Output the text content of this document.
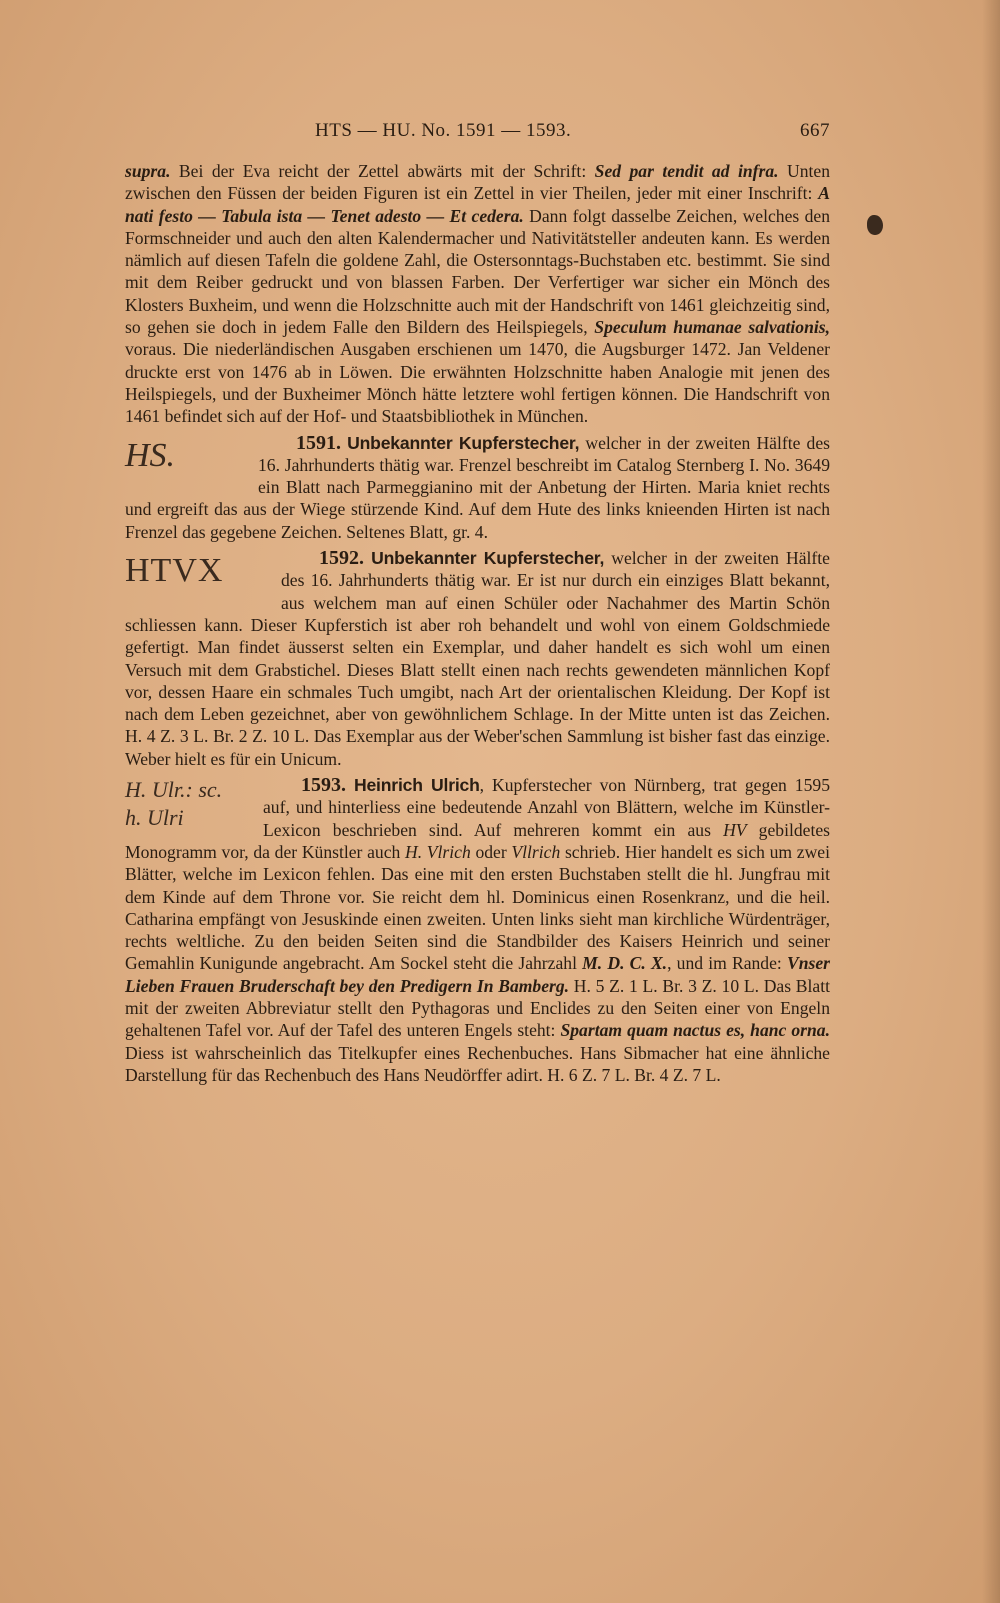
HTS — HU. No. 1591 — 1593.	667

supra. Bei der Eva reicht der Zettel abwärts mit der Schrift: Sed par tendit ad infra. Unten zwischen den Füssen der beiden Figuren ist ein Zettel in vier Theilen, jeder mit einer Inschrift: A nati festo — Tabula ista — Tenet adesto — Et cedera. Dann folgt dasselbe Zeichen, welches den Formschneider und auch den alten Kalendermacher und Nativitätsteller andeuten kann. Es werden nämlich auf diesen Tafeln die goldene Zahl, die Ostersonntags-Buchstaben etc. bestimmt. Sie sind mit dem Reiber gedruckt und von blassen Farben. Der Verfertiger war sicher ein Mönch des Klosters Buxheim, und wenn die Holzschnitte auch mit der Handschrift von 1461 gleichzeitig sind, so gehen sie doch in jedem Falle den Bildern des Heilspiegels, Speculum humanae salvationis, voraus. Die niederländischen Ausgaben erschienen um 1470, die Augsburger 1472. Jan Veldener druckte erst von 1476 ab in Löwen. Die erwähnten Holzschnitte haben Analogie mit jenen des Heilspiegels, und der Buxheimer Mönch hätte letztere wohl fertigen können. Die Handschrift von 1461 befindet sich auf der Hof- und Staatsbibliothek in München.

1591. Unbekannter Kupferstecher,
HS.	welcher in der zweiten Hälfte des 16. Jahrhunderts thätig war. Frenzel beschreibt im Catalog Sternberg I. No. 3649 ein Blatt nach Parmeggianino mit der Anbetung der Hirten. Maria kniet rechts und ergreift das aus der Wiege stürzende Kind. Auf dem Hute des links knieenden Hirten ist nach Frenzel das gegebene Zeichen. Seltenes Blatt, gr. 4.

1592. Unbekannter Kupferstecher,
HTVX	welcher in der zweiten Hälfte des 16. Jahrhunderts thätig war. Er ist nur durch ein einziges Blatt bekannt, aus welchem man auf einen Schüler oder Nachahmer des Martin Schön schliessen kann. Dieser Kupferstich ist aber roh behandelt und wohl von einem Goldschmiede gefertigt. Man findet äusserst selten ein Exemplar, und daher handelt es sich wohl um einen Versuch mit dem Grabstichel. Dieses Blatt stellt einen nach rechts gewendeten männlichen Kopf vor, dessen Haare ein schmales Tuch umgibt, nach Art der orientalischen Kleidung. Der Kopf ist nach dem Leben gezeichnet, aber von gewöhnlichem Schlage. In der Mitte unten ist das Zeichen. H. 4 Z. 3 L. Br. 2 Z. 10 L. Das Exemplar aus der Weber'schen Sammlung ist bisher fast das einzige. Weber hielt es für ein Unicum.

1593. Heinrich Ulrich
H. Ulr.: sc.
h. Ulri
, Kupferstecher von Nürnberg, trat gegen 1595 auf, und hinterliess eine bedeutende Anzahl von Blättern, welche im Künstler-Lexicon beschrieben sind. Auf mehreren kommt ein aus HV gebildetes Monogramm vor, da der Künstler auch H. Vlrich oder Vllrich schrieb. Hier handelt es sich um zwei Blätter, welche im Lexicon fehlen. Das eine mit den ersten Buchstaben stellt die hl. Jungfrau mit dem Kinde auf dem Throne vor. Sie reicht dem hl. Dominicus einen Rosenkranz, und die heil. Catharina empfängt von Jesuskinde einen zweiten. Unten links sieht man kirchliche Würdenträger, rechts weltliche. Zu den beiden Seiten sind die Standbilder des Kaisers Heinrich und seiner Gemahlin Kunigunde angebracht. Am Sockel steht die Jahrzahl M. D. C. X., und im Rande: Vnser Lieben Frauen Bruderschaft bey den Predigern In Bamberg. H. 5 Z. 1 L. Br. 3 Z. 10 L. Das Blatt mit der zweiten Abbreviatur stellt den Pythagoras und Enclides zu den Seiten einer von Engeln gehaltenen Tafel vor. Auf der Tafel des unteren Engels steht: Spartam quam nactus es, hanc orna. Diess ist wahrscheinlich das Titelkupfer eines Rechenbuches. Hans Sibmacher hat eine ähnliche Darstellung für das Rechenbuch des Hans Neudörffer adirt. H. 6 Z. 7 L. Br. 4 Z. 7 L.
